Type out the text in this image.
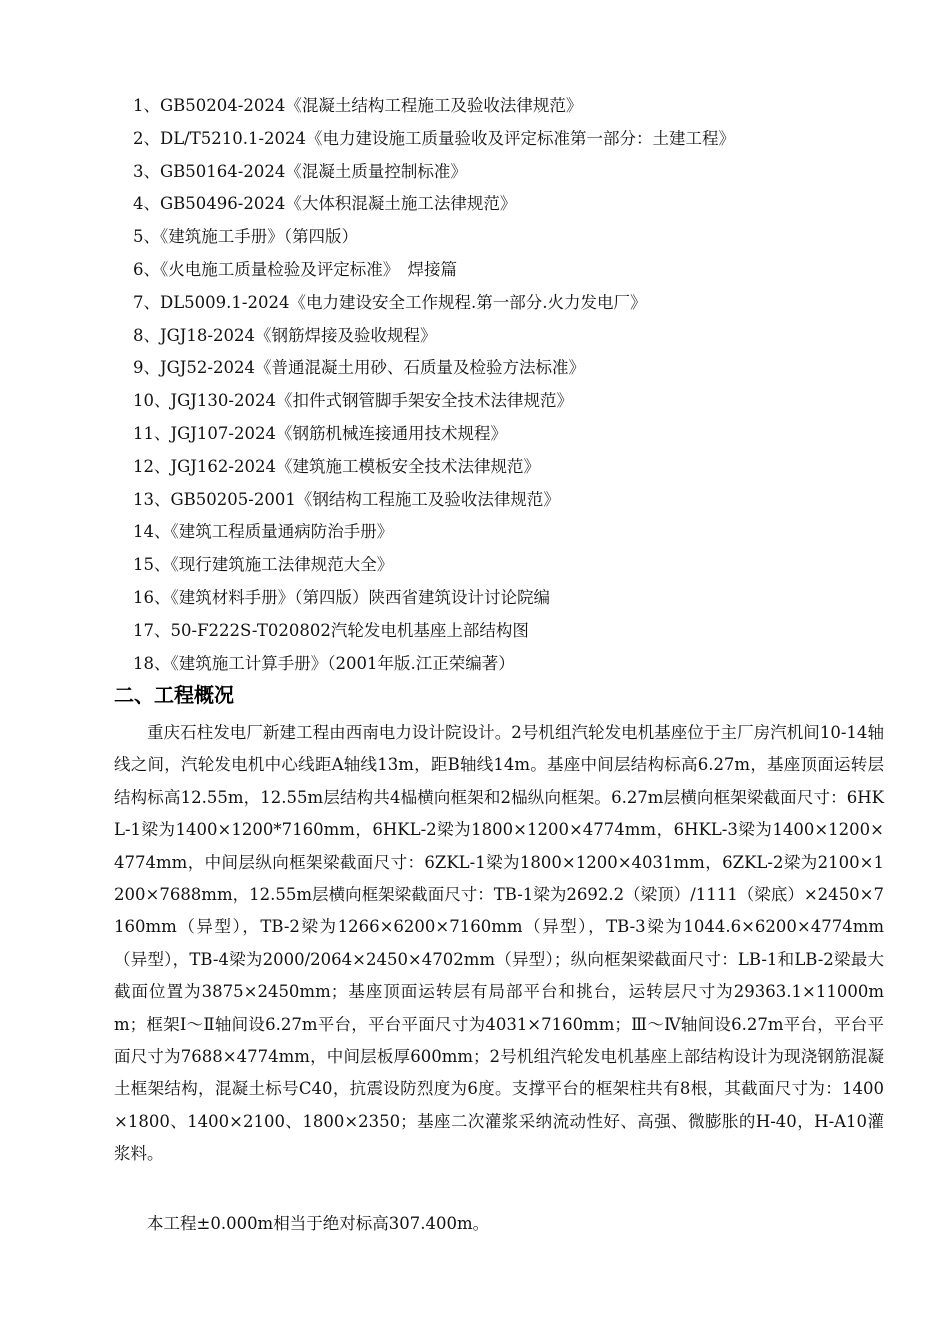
1、GB50204-2024《混凝土结构工程施工及验收法律规范》
2、DL/T5210.1-2024《电力建设施工质量验收及评定标准第一部分：土建工程》
3、GB50164-2024《混凝土质量控制标准》
4、GB50496-2024《大体积混凝土施工法律规范》
5、《建筑施工手册》（第四版）
6、《火电施工质量检验及评定标准》　焊接篇
7、DL5009.1-2024《电力建设安全工作规程.第一部分.火力发电厂》
8、JGJ18-2024《钢筋焊接及验收规程》
9、JGJ52-2024《普通混凝土用砂、石质量及检验方法标准》
10、JGJ130-2024《扣件式钢管脚手架安全技术法律规范》
11、JGJ107-2024《钢筋机械连接通用技术规程》
12、JGJ162-2024《建筑施工模板安全技术法律规范》
13、GB50205-2001《钢结构工程施工及验收法律规范》
14、《建筑工程质量通病防治手册》
15、《现行建筑施工法律规范大全》
16、《建筑材料手册》（第四版）陕西省建筑设计讨论院编
17、50-F222S-T020802汽轮发电机基座上部结构图
18、《建筑施工计算手册》（2001年版.江正荣编著）
二、工程概况

重庆石柱发电厂新建工程由西南电力设计院设计。2号机组汽轮发电机基座位于主厂房汽机间10-14轴线之间，汽轮发电机中心线距A轴线13m，距B轴线14m。基座中间层结构标高6.27m，基座顶面运转层结构标高12.55m，12.55m层结构共4榀横向框架和2榀纵向框架。6.27m层横向框架梁截面尺寸：6HKL-1梁为1400×1200*7160mm，6HKL-2梁为1800×1200×4774mm，6HKL-3梁为1400×1200×4774mm，中间层纵向框架梁截面尺寸：6ZKL-1梁为1800×1200×4031mm，6ZKL-2梁为2100×1200×7688mm，12.55m层横向框架梁截面尺寸：TB-1梁为2692.2（梁顶）/1111（梁底）×2450×7160mm（异型），TB-2梁为1266×6200×7160mm（异型），TB-3梁为1044.6×6200×4774mm（异型），TB-4梁为2000/2064×2450×4702mm（异型）；纵向框架梁截面尺寸：LB-1和LB-2梁最大截面位置为3875×2450mm；基座顶面运转层有局部平台和挑台，运转层尺寸为29363.1×11000mm；框架Ⅰ～Ⅱ轴间设6.27m平台，平台平面尺寸为4031×7160mm；Ⅲ～Ⅳ轴间设6.27m平台，平台平面尺寸为7688×4774mm，中间层板厚600mm；2号机组汽轮发电机基座上部结构设计为现浇钢筋混凝土框架结构，混凝土标号C40，抗震设防烈度为6度。支撑平台的框架柱共有8根，其截面尺寸为：1400×1800、1400×2100、1800×2350；基座二次灌浆采纳流动性好、高强、微膨胀的H-40，H-A10灌浆料。

本工程±0.000m相当于绝对标高307.400m。
